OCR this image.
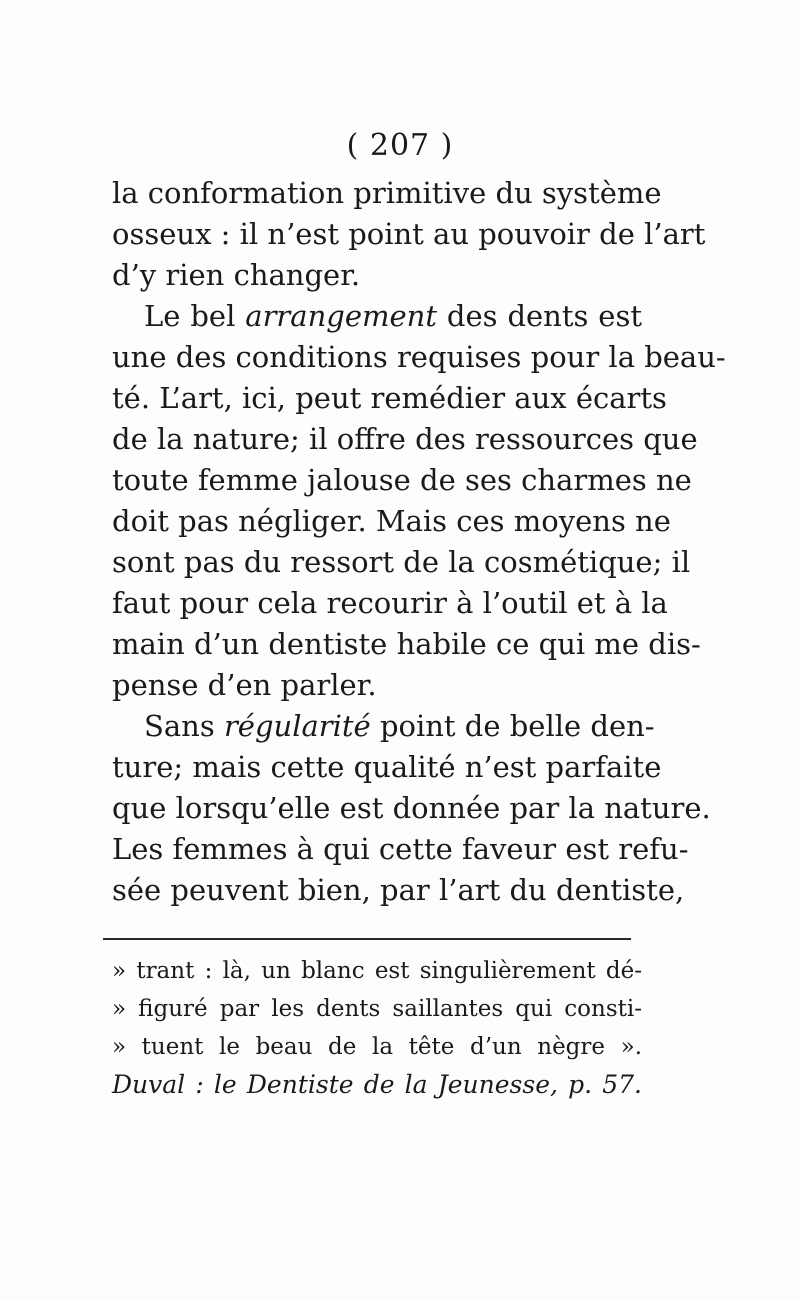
( 207 )
la conformation primitive du système
osseux : il n’est point au pouvoir de l’art
d’y rien changer.
Le bel arrangement des dents est
une des conditions requises pour la beau-
té. L’art, ici, peut remédier aux écarts
de la nature; il offre des ressources que
toute femme jalouse de ses charmes ne
doit pas négliger. Mais ces moyens ne
sont pas du ressort de la cosmétique; il
faut pour cela recourir à l’outil et à la
main d’un dentiste habile ce qui me dis-
pense d’en parler.
Sans régularité point de belle den-
ture; mais cette qualité n’est parfaite
que lorsqu’elle est donnée par la nature.
Les femmes à qui cette faveur est refu-
sée peuvent bien, par l’art du dentiste,
» trant : là, un blanc est singulièrement dé-
» figuré par les dents saillantes qui consti-
» tuent le beau de la tête d’un nègre ».
Duval : le Dentiste de la Jeunesse, p. 57.
